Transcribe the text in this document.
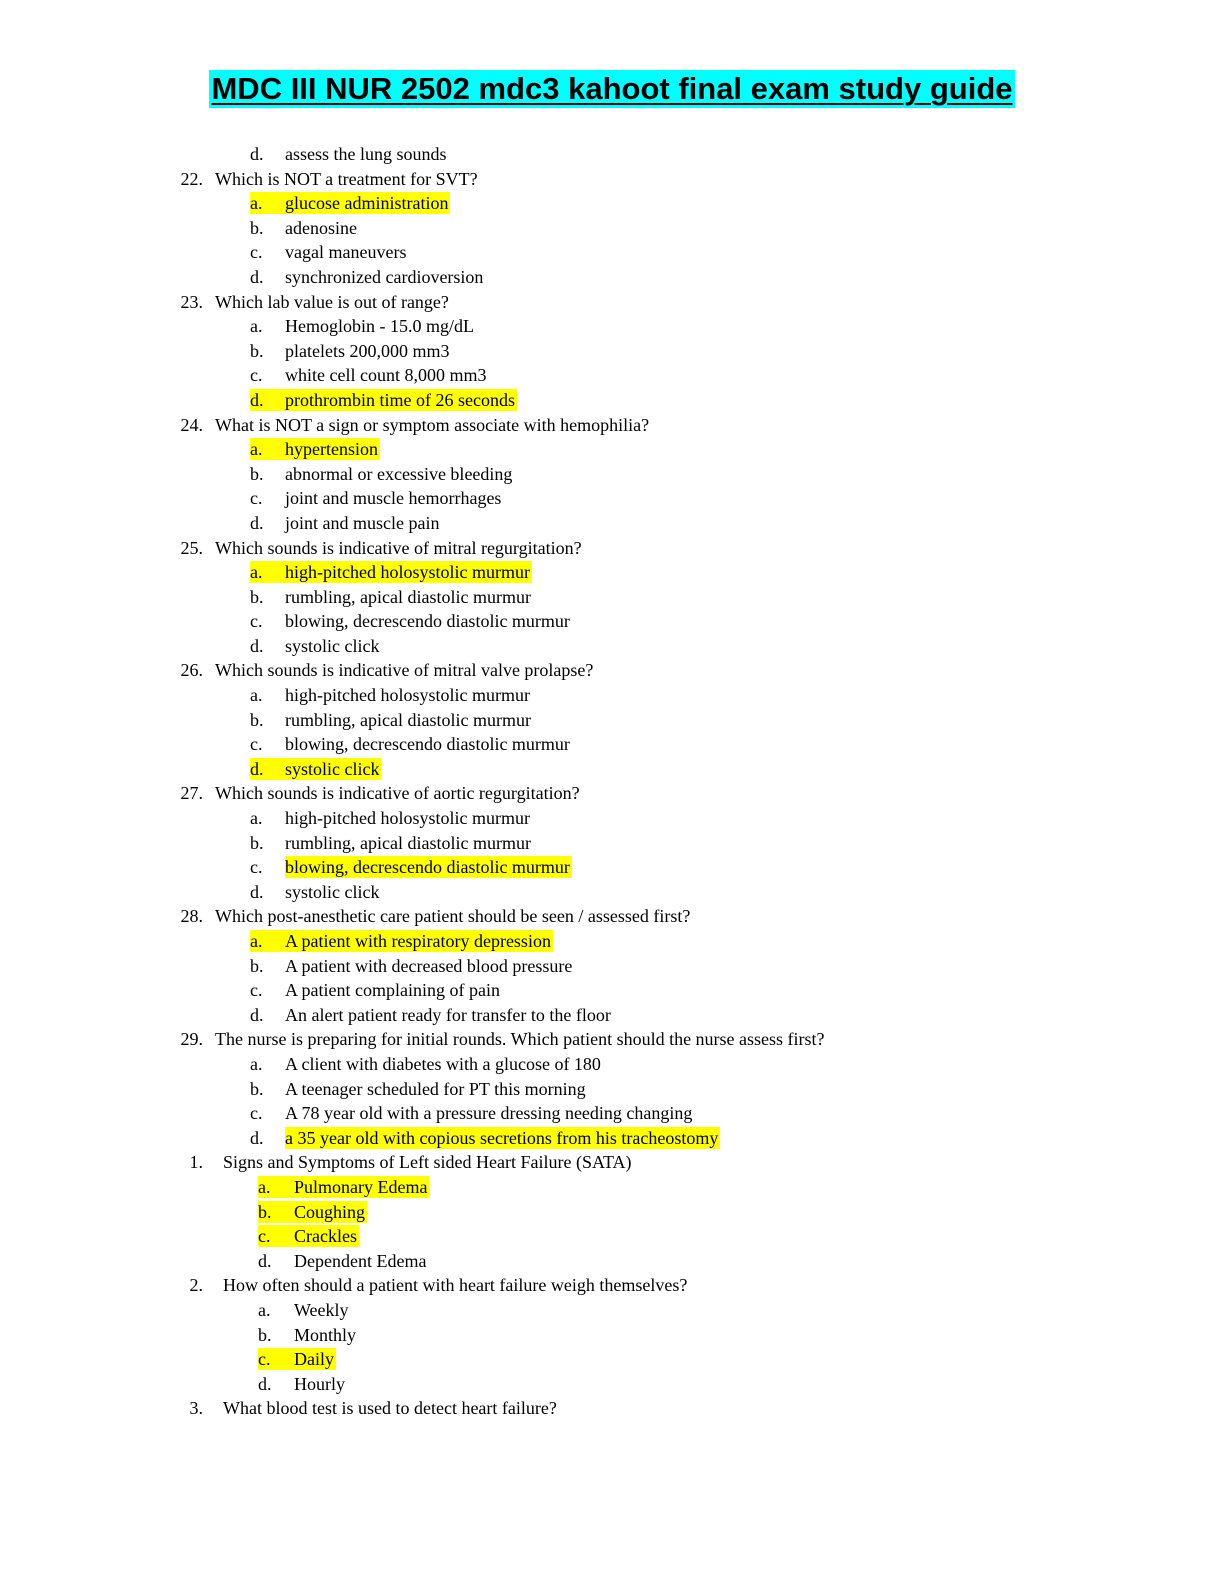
MDC III NUR 2502 mdc3 kahoot final exam study guide
d. assess the lung sounds
22. Which is NOT a treatment for SVT?
a. glucose administration
b. adenosine
c. vagal maneuvers
d. synchronized cardioversion
23. Which lab value is out of range?
a. Hemoglobin - 15.0 mg/dL
b. platelets 200,000 mm3
c. white cell count 8,000 mm3
d. prothrombin time of 26 seconds
24. What is NOT a sign or symptom associate with hemophilia?
a. hypertension
b. abnormal or excessive bleeding
c. joint and muscle hemorrhages
d. joint and muscle pain
25. Which sounds is indicative of mitral regurgitation?
a. high-pitched holosystolic murmur
b. rumbling, apical diastolic murmur
c. blowing, decrescendo diastolic murmur
d. systolic click
26. Which sounds is indicative of mitral valve prolapse?
a. high-pitched holosystolic murmur
b. rumbling, apical diastolic murmur
c. blowing, decrescendo diastolic murmur
d. systolic click
27. Which sounds is indicative of aortic regurgitation?
a. high-pitched holosystolic murmur
b. rumbling, apical diastolic murmur
c. blowing, decrescendo diastolic murmur
d. systolic click
28. Which post-anesthetic care patient should be seen / assessed first?
a. A patient with respiratory depression
b. A patient with decreased blood pressure
c. A patient complaining of pain
d. An alert patient ready for transfer to the floor
29. The nurse is preparing for initial rounds. Which patient should the nurse assess first?
a. A client with diabetes with a glucose of 180
b. A teenager scheduled for PT this morning
c. A 78 year old with a pressure dressing needing changing
d. a 35 year old with copious secretions from his tracheostomy
1. Signs and Symptoms of Left sided Heart Failure (SATA)
a. Pulmonary Edema
b. Coughing
c. Crackles
d. Dependent Edema
2. How often should a patient with heart failure weigh themselves?
a. Weekly
b. Monthly
c. Daily
d. Hourly
3. What blood test is used to detect heart failure?
